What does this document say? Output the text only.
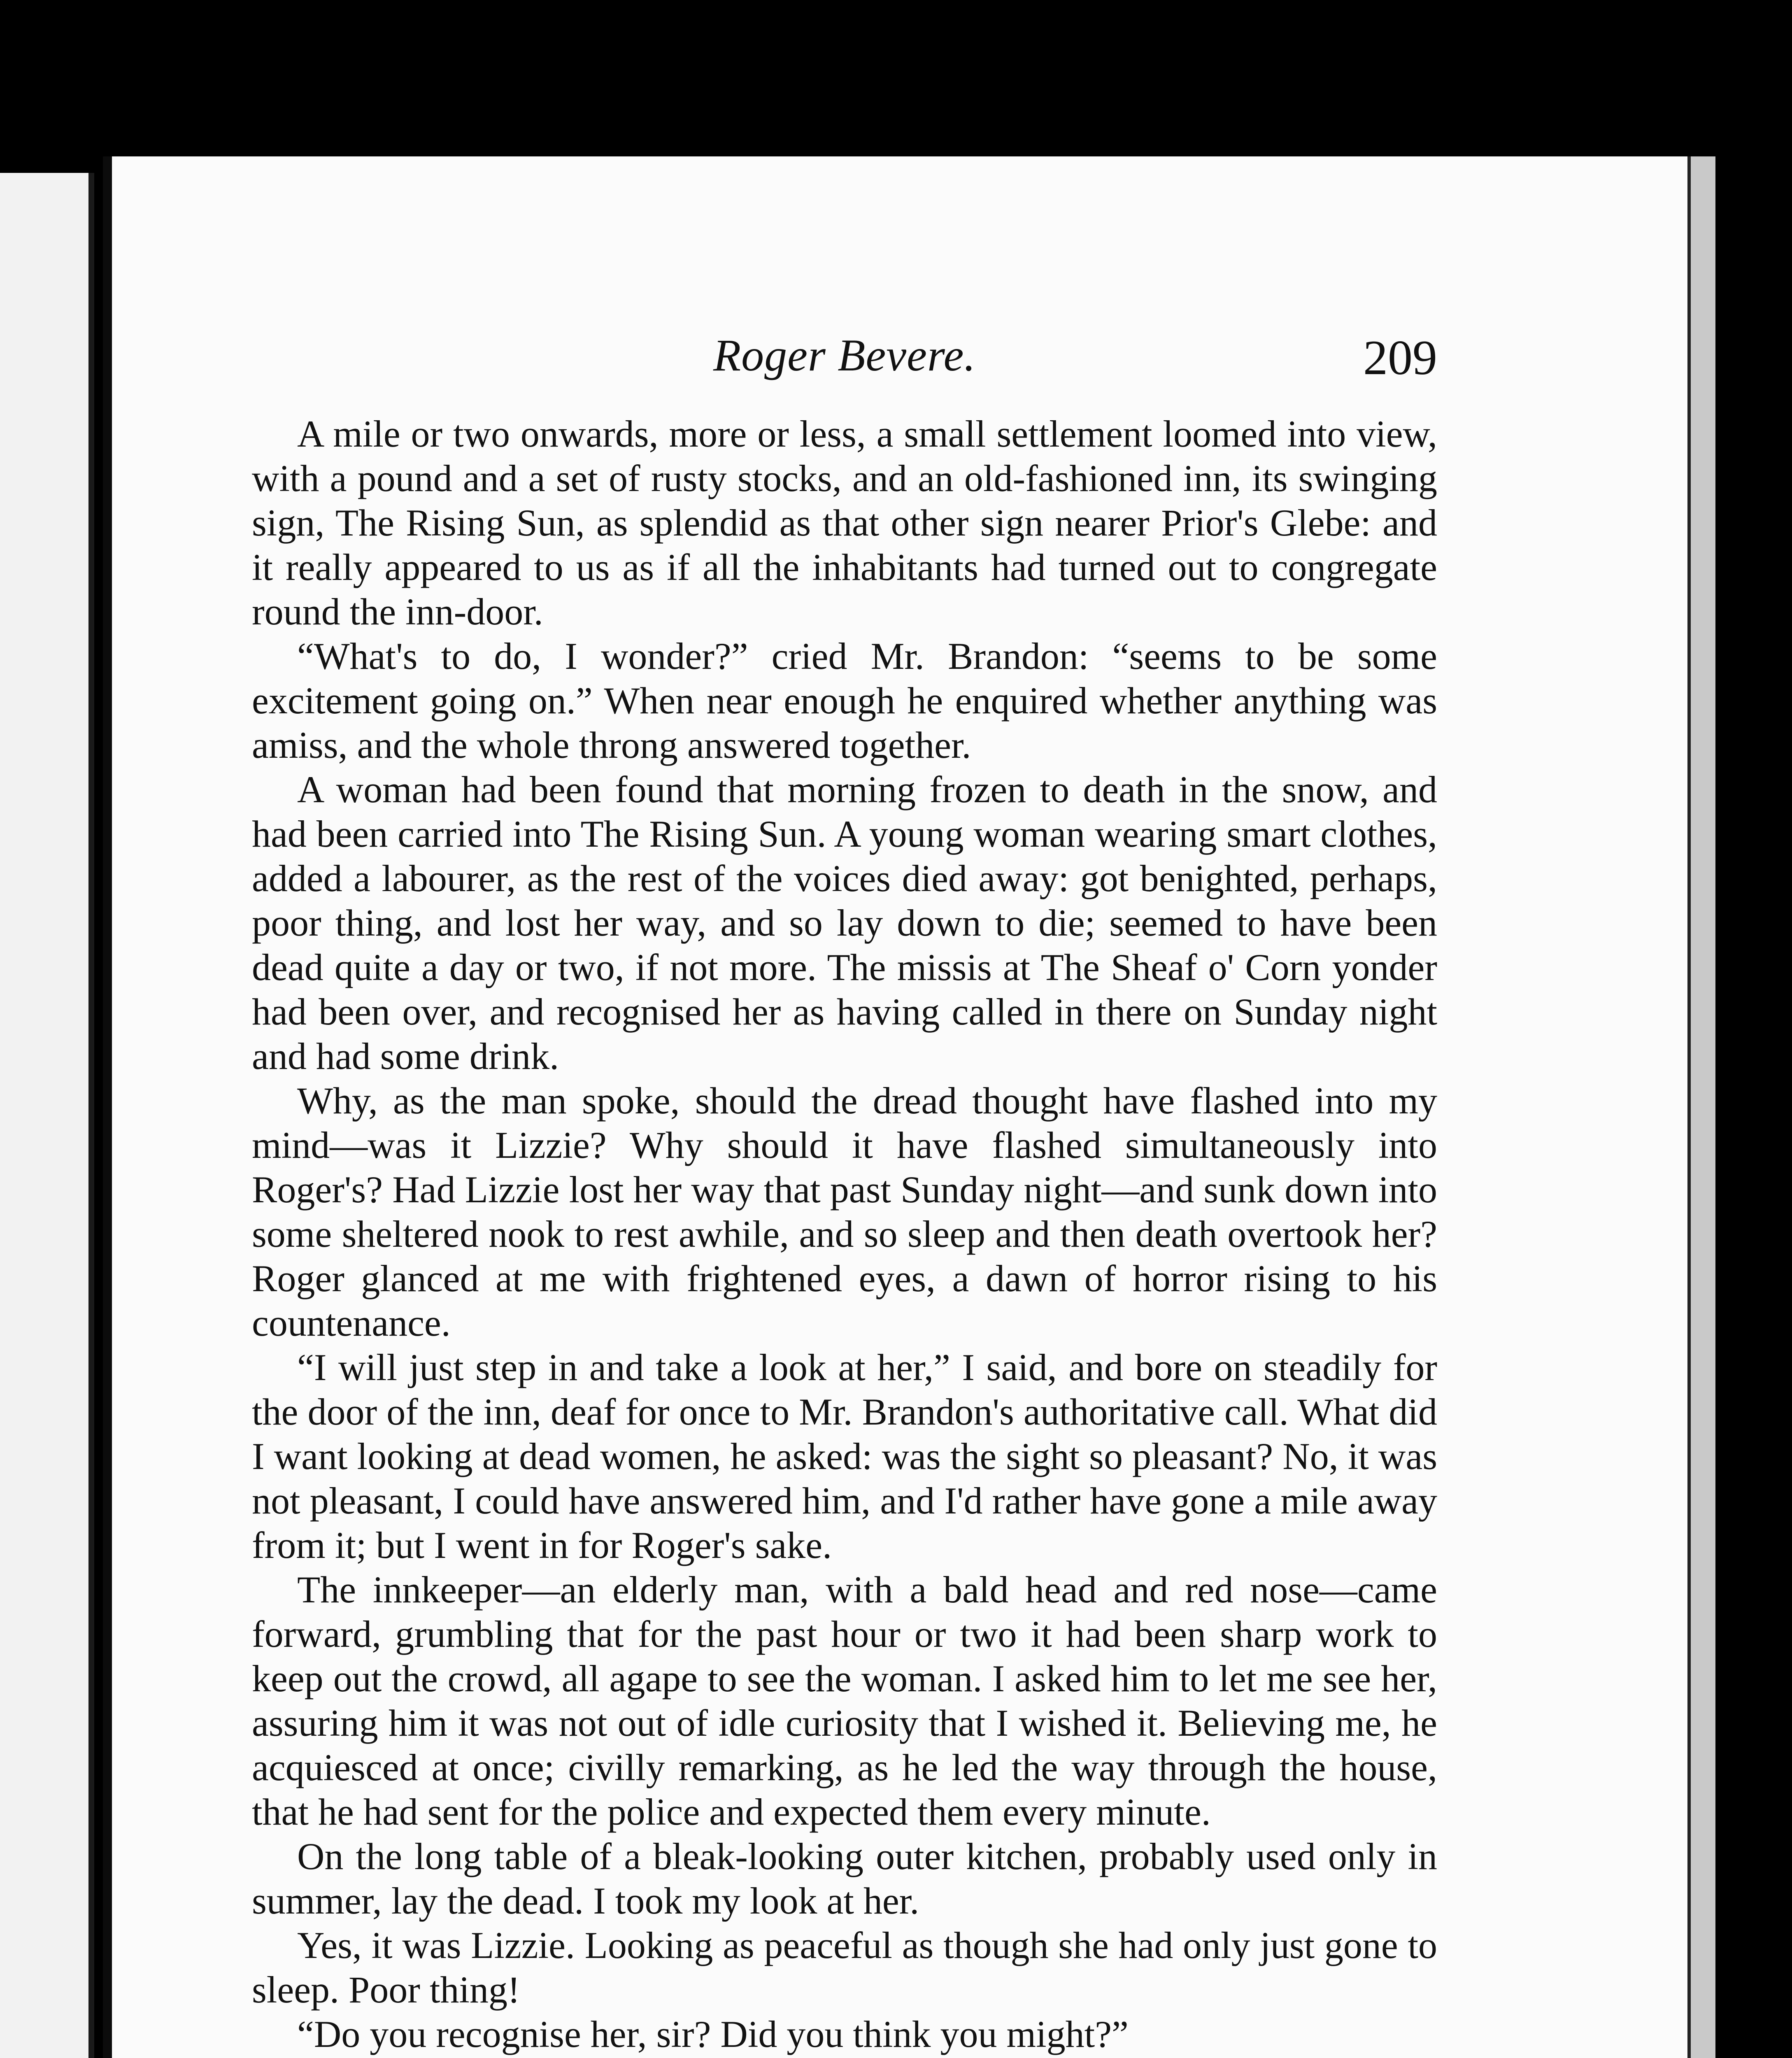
Roger Bevere.	209

A mile or two onwards, more or less, a small settlement loomed into view, with a pound and a set of rusty stocks, and an old-fashioned inn, its swinging sign, The Rising Sun, as splendid as that other sign nearer Prior's Glebe: and it really appeared to us as if all the inhabitants had turned out to congregate round the inn-door.

“What's to do, I wonder?” cried Mr. Brandon: “seems to be some excitement going on.” When near enough he enquired whether anything was amiss, and the whole throng answered together.

A woman had been found that morning frozen to death in the snow, and had been carried into The Rising Sun. A young woman wearing smart clothes, added a labourer, as the rest of the voices died away: got benighted, perhaps, poor thing, and lost her way, and so lay down to die; seemed to have been dead quite a day or two, if not more. The missis at The Sheaf o' Corn yonder had been over, and recognised her as having called in there on Sunday night and had some drink.

Why, as the man spoke, should the dread thought have flashed into my mind—was it Lizzie? Why should it have flashed simultaneously into Roger's? Had Lizzie lost her way that past Sunday night—and sunk down into some sheltered nook to rest awhile, and so sleep and then death overtook her? Roger glanced at me with frightened eyes, a dawn of horror rising to his countenance.

“I will just step in and take a look at her,” I said, and bore on steadily for the door of the inn, deaf for once to Mr. Brandon's authoritative call. What did I want looking at dead women, he asked: was the sight so pleasant? No, it was not pleasant, I could have answered him, and I'd rather have gone a mile away from it; but I went in for Roger's sake.

The innkeeper—an elderly man, with a bald head and red nose—came forward, grumbling that for the past hour or two it had been sharp work to keep out the crowd, all agape to see the woman. I asked him to let me see her, assuring him it was not out of idle curiosity that I wished it. Believing me, he acquiesced at once; civilly remarking, as he led the way through the house, that he had sent for the police and expected them every minute.

On the long table of a bleak-looking outer kitchen, probably used only in summer, lay the dead. I took my look at her.

Yes, it was Lizzie. Looking as peaceful as though she had only just gone to sleep. Poor thing!

“Do you recognise her, sir? Did you think you might?”
